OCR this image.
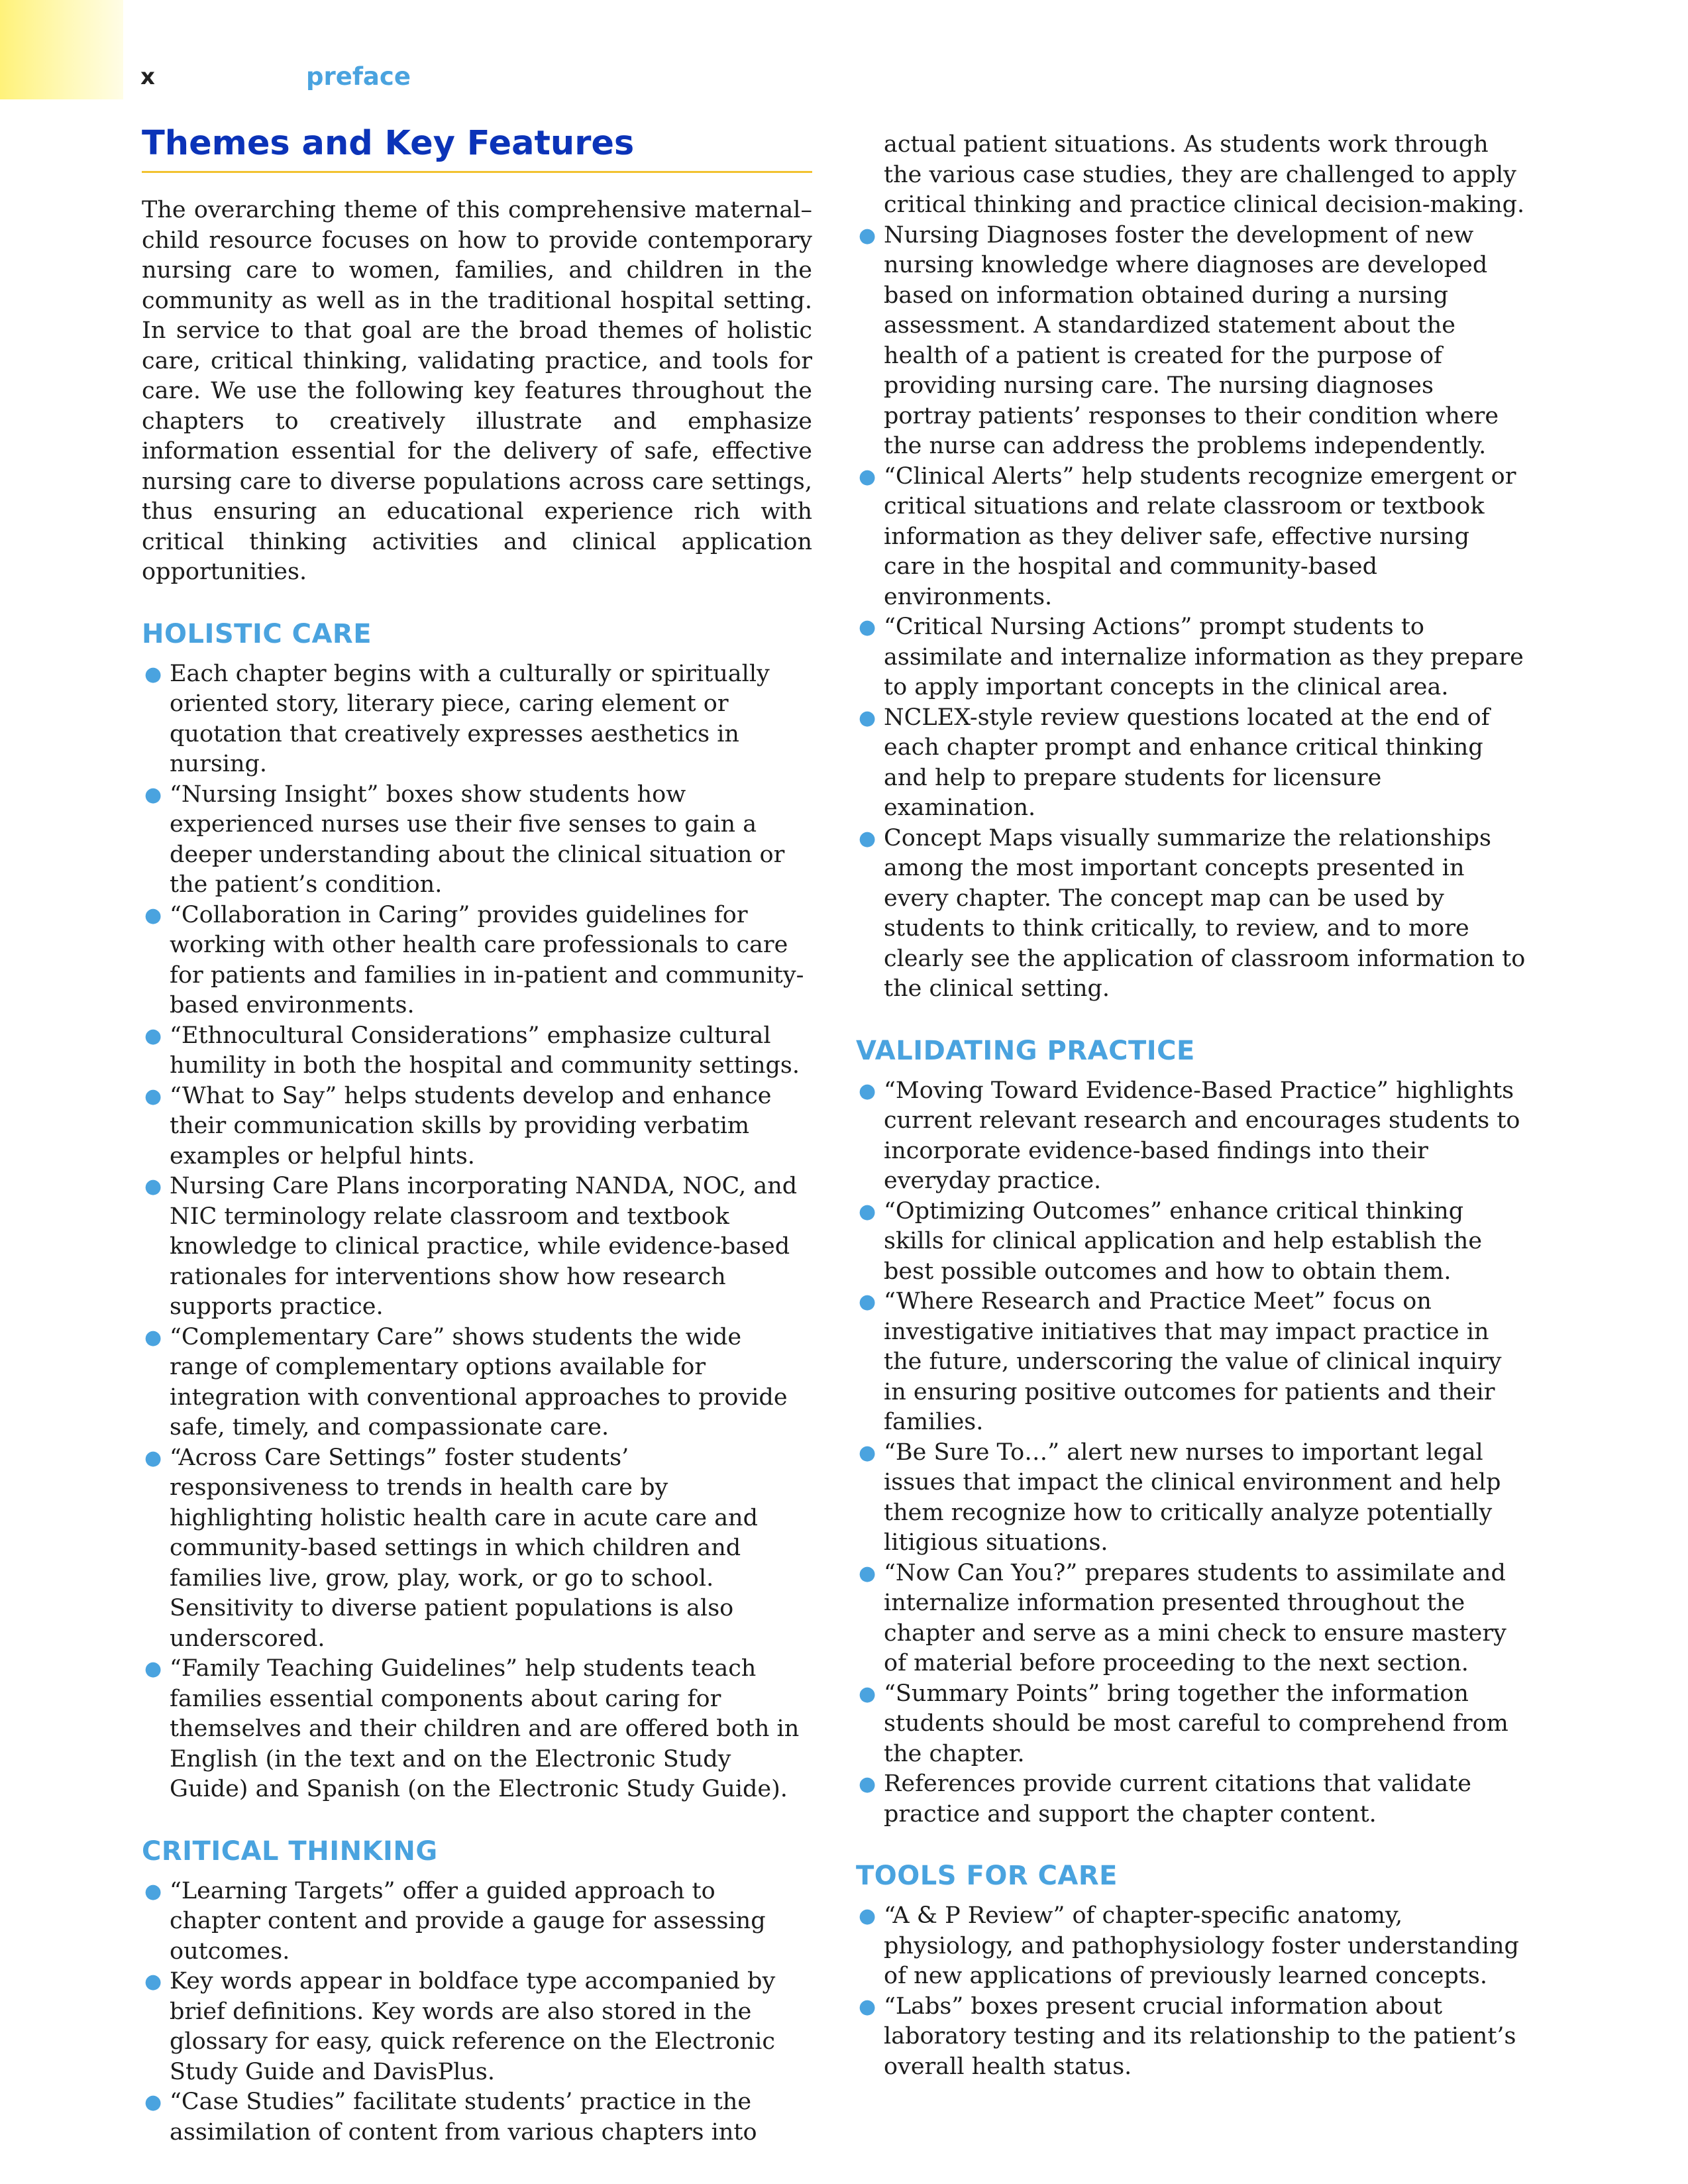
x	preface
Themes and Key Features

The overarching theme of this comprehensive maternal–child resource focuses on how to provide contemporary nursing care to women, families, and children in the community as well as in the traditional hospital setting. In service to that goal are the broad themes of holistic care, critical thinking, validating practice, and tools for care. We use the following key features throughout the chapters to creatively illustrate and emphasize information essential for the delivery of safe, effective nursing care to diverse populations across care settings, thus ensuring an educational experience rich with critical thinking activities and clinical application opportunities.

HOLISTIC CARE
● Each chapter begins with a culturally or spiritually oriented story, literary piece, caring element or quotation that creatively expresses aesthetics in nursing.
● “Nursing Insight” boxes show students how experienced nurses use their five senses to gain a deeper understanding about the clinical situation or the patient’s condition.
● “Collaboration in Caring” provides guidelines for working with other health care professionals to care for patients and families in in-patient and community-based environments.
● “Ethnocultural Considerations” emphasize cultural humility in both the hospital and community settings.
● “What to Say” helps students develop and enhance their communication skills by providing verbatim examples or helpful hints.
● Nursing Care Plans incorporating NANDA, NOC, and NIC terminology relate classroom and textbook knowledge to clinical practice, while evidence-based rationales for interventions show how research supports practice.
● “Complementary Care” shows students the wide range of complementary options available for integration with conventional approaches to provide safe, timely, and compassionate care.
● “Across Care Settings” foster students’ responsiveness to trends in health care by highlighting holistic health care in acute care and community-based settings in which children and families live, grow, play, work, or go to school. Sensitivity to diverse patient populations is also underscored.
● “Family Teaching Guidelines” help students teach families essential components about caring for themselves and their children and are offered both in English (in the text and on the Electronic Study Guide) and Spanish (on the Electronic Study Guide).
CRITICAL THINKING
● “Learning Targets” offer a guided approach to chapter content and provide a gauge for assessing outcomes.
● Key words appear in boldface type accompanied by brief definitions. Key words are also stored in the glossary for easy, quick reference on the Electronic Study Guide and DavisPlus.
● “Case Studies” facilitate students’ practice in the assimilation of content from various chapters into

actual patient situations. As students work through the various case studies, they are challenged to apply critical thinking and practice clinical decision-making.

● Nursing Diagnoses foster the development of new nursing knowledge where diagnoses are developed based on information obtained during a nursing assessment. A standardized statement about the health of a patient is created for the purpose of providing nursing care. The nursing diagnoses portray patients’ responses to their condition where the nurse can address the problems independently.
● “Clinical Alerts” help students recognize emergent or critical situations and relate classroom or textbook information as they deliver safe, effective nursing care in the hospital and community-based environments.
● “Critical Nursing Actions” prompt students to assimilate and internalize information as they prepare to apply important concepts in the clinical area.
● NCLEX-style review questions located at the end of each chapter prompt and enhance critical thinking and help to prepare students for licensure examination.
● Concept Maps visually summarize the relationships among the most important concepts presented in every chapter. The concept map can be used by students to think critically, to review, and to more clearly see the application of classroom information to the clinical setting.
VALIDATING PRACTICE
● “Moving Toward Evidence-Based Practice” highlights current relevant research and encourages students to incorporate evidence-based findings into their everyday practice.
● “Optimizing Outcomes” enhance critical thinking skills for clinical application and help establish the best possible outcomes and how to obtain them.
● “Where Research and Practice Meet” focus on investigative initiatives that may impact practice in the future, underscoring the value of clinical inquiry in ensuring positive outcomes for patients and their families.
● “Be Sure To…” alert new nurses to important legal issues that impact the clinical environment and help them recognize how to critically analyze potentially litigious situations.
● “Now Can You?” prepares students to assimilate and internalize information presented throughout the chapter and serve as a mini check to ensure mastery of material before proceeding to the next section.
● “Summary Points” bring together the information students should be most careful to comprehend from the chapter.
● References provide current citations that validate practice and support the chapter content.
TOOLS FOR CARE
● “A & P Review” of chapter-specific anatomy, physiology, and pathophysiology foster understanding of new applications of previously learned concepts.
● “Labs” boxes present crucial information about laboratory testing and its relationship to the patient’s overall health status.
